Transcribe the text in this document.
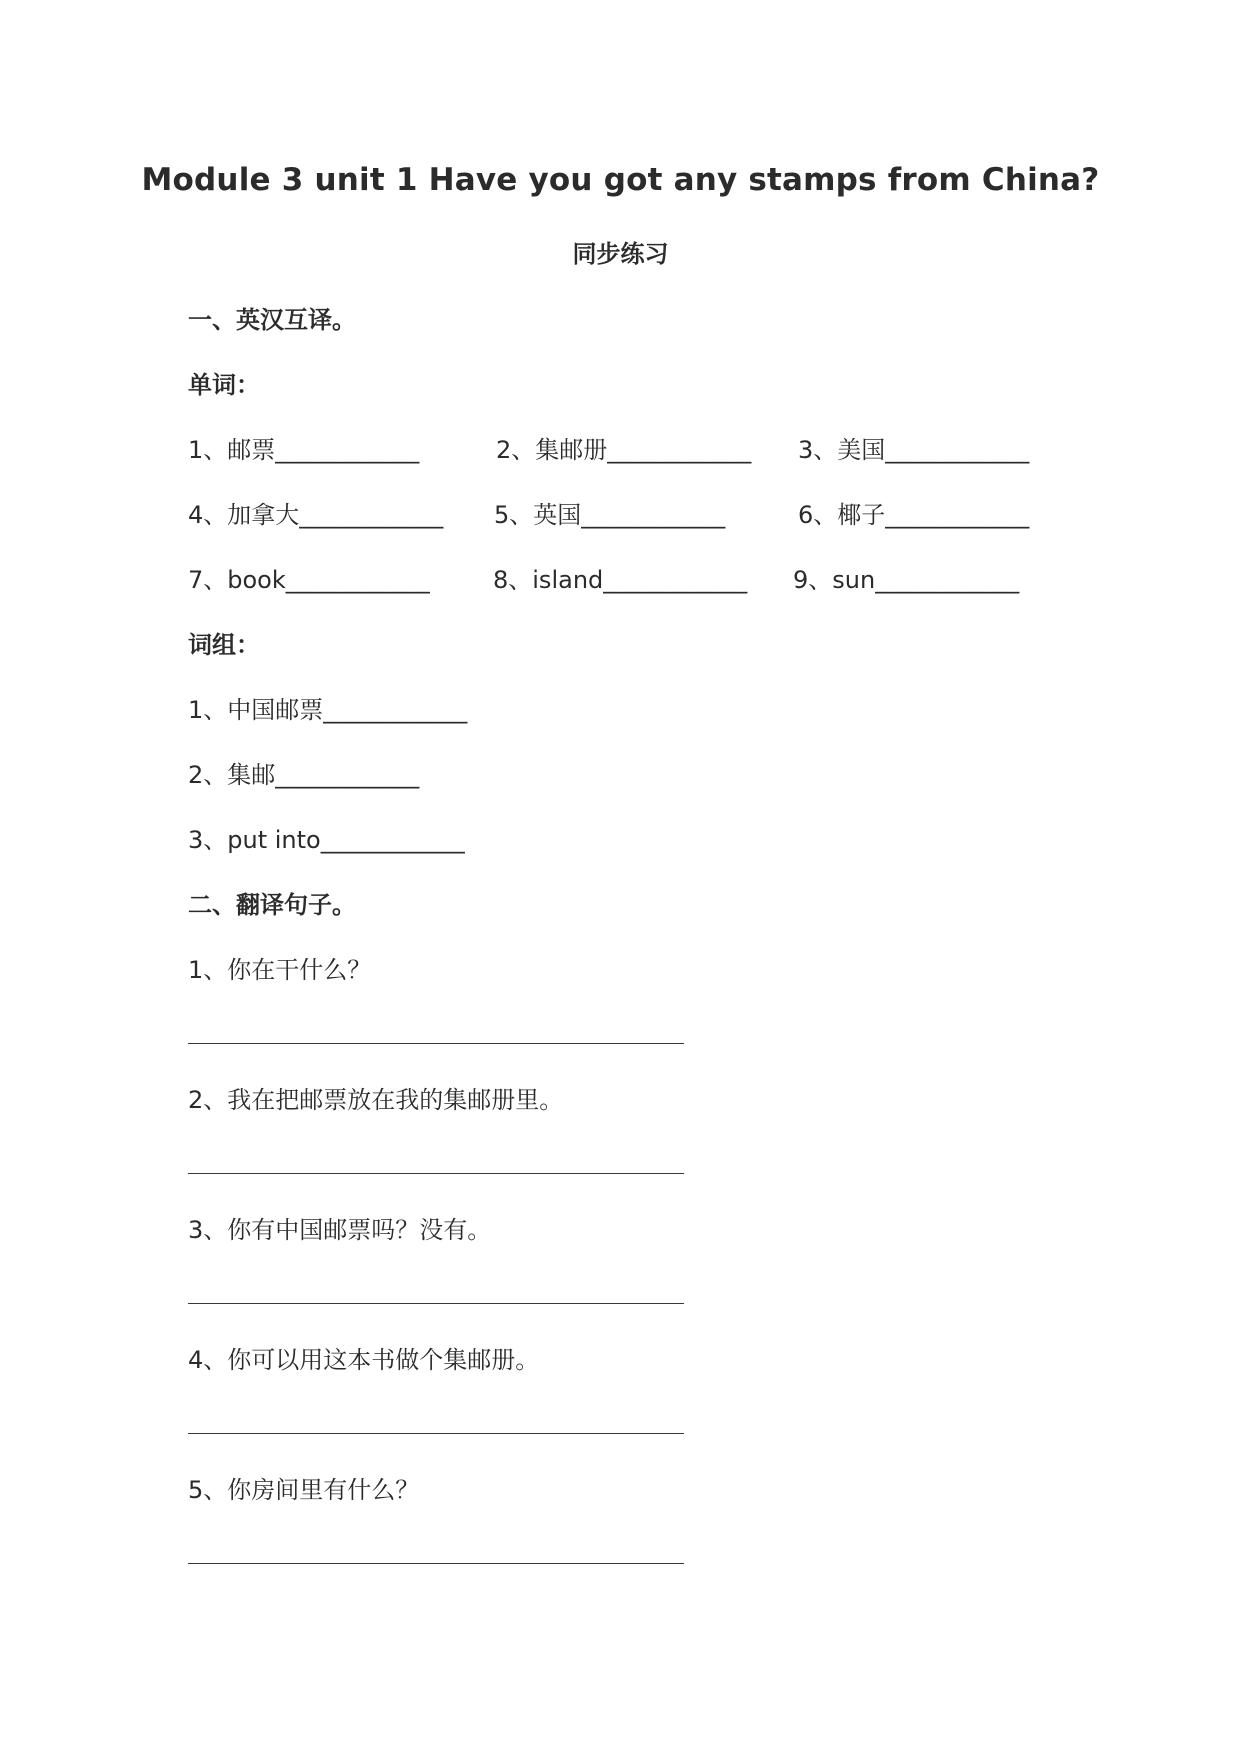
Module 3 unit 1 Have you got any stamps from China?
同步练习
一、英汉互译。
单词：
1、邮票____________	2、集邮册____________ 3、美国____________
4、加拿大____________ 5、英国____________	6、椰子____________
7、book____________	8、island____________ 9、sun____________
词组：
1、中国邮票____________
2、集邮____________
3、put into____________
二、翻译句子。
1、你在干什么？
2、我在把邮票放在我的集邮册里。
3、你有中国邮票吗？没有。
4、你可以用这本书做个集邮册。
5、你房间里有什么？
